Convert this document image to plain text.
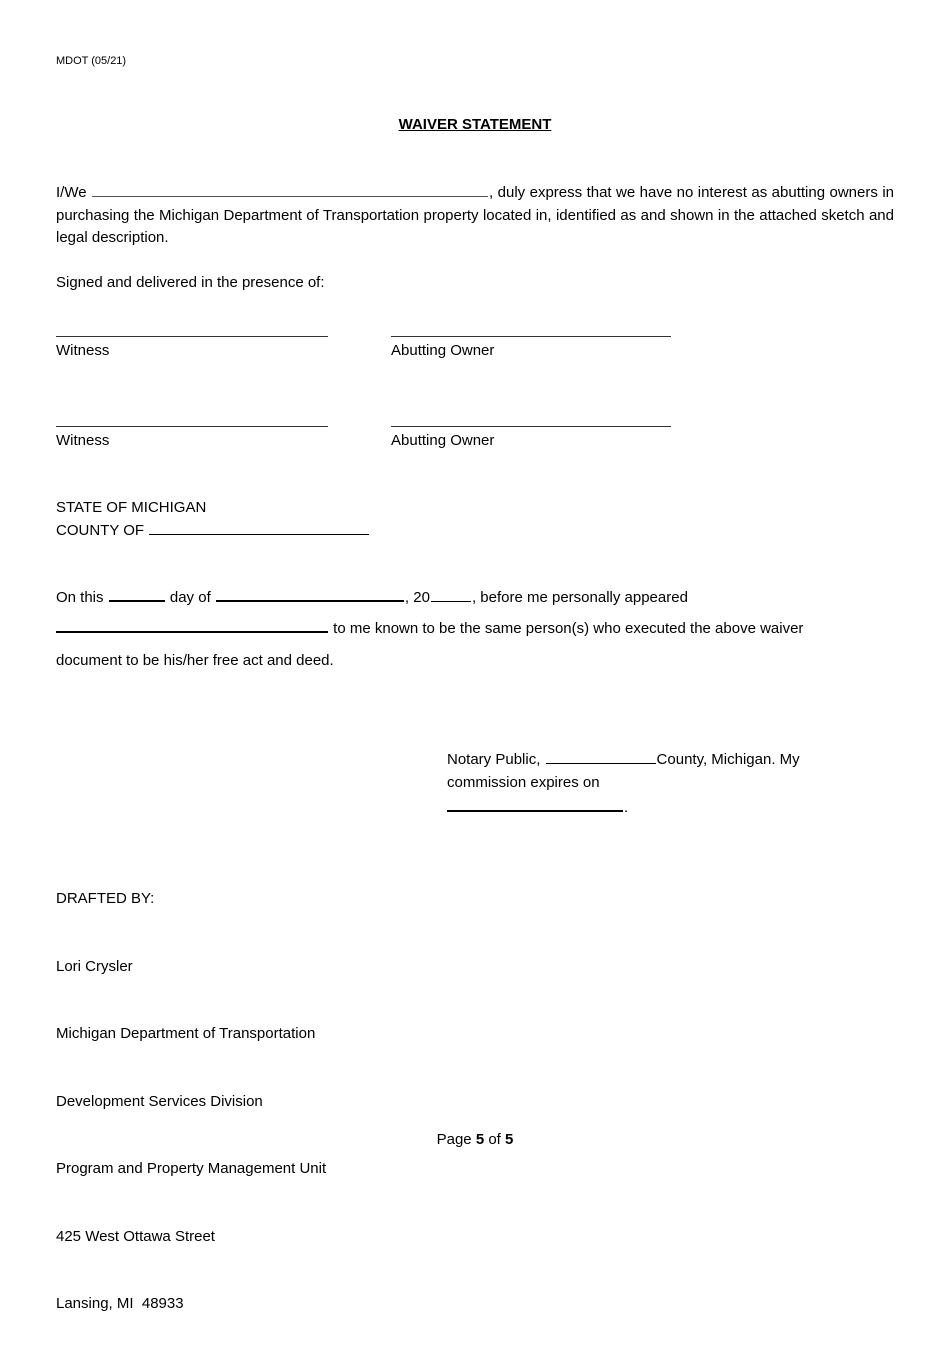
MDOT (05/21)
WAIVER STATEMENT
I/We	, duly express that we have no interest as abutting owners in purchasing the Michigan Department of Transportation property located in, identified as and shown in the attached sketch and legal description.
Signed and delivered in the presence of:
Witness	Abutting Owner
Witness	Abutting Owner
STATE OF MICHIGAN
COUNTY OF
On this	day of	, 20	, before me personally appeared
to me known to be the same person(s) who executed the above waiver
document to be his/her free act and deed.
Notary Public,	County, Michigan. My
commission expires on
.

DRAFTED BY:

Lori Crysler

Michigan Department of Transportation

Development Services Division

Program and Property Management Unit

425 West Ottawa Street

Lansing, MI  48933

Page 5 of 5
